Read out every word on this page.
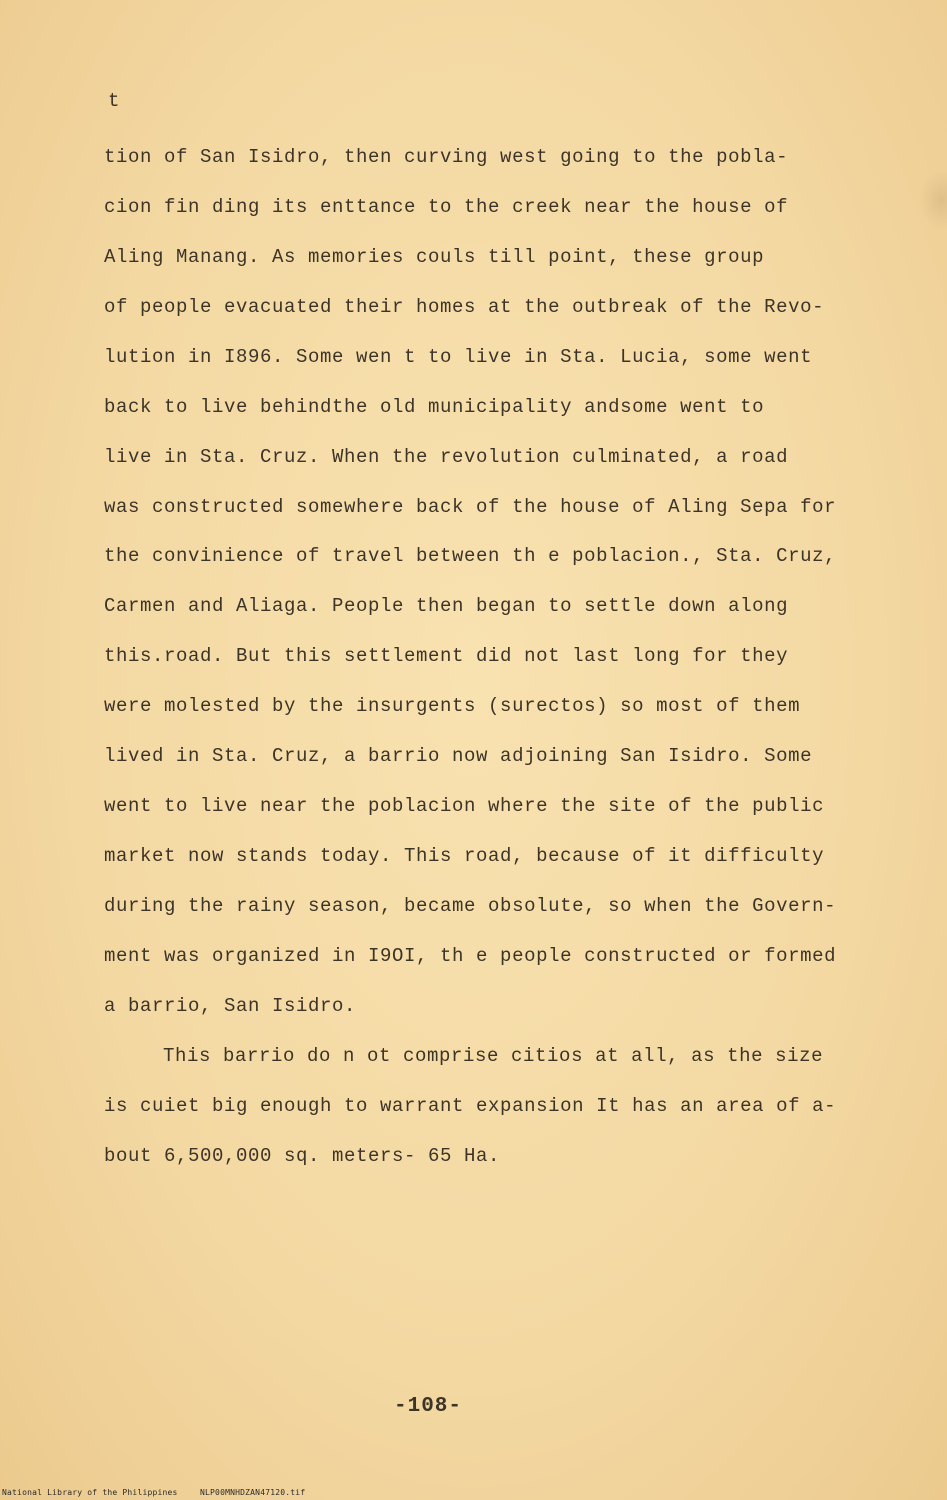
t
tion of San Isidro, then curving west going to the pobla-
cion fin ding its enttance to the creek near the house of
Aling Manang. As memories couls till point, these group
of people evacuated their homes at the outbreak of the Revo-
lution in I896. Some wen t to live in Sta. Lucia, some went
back to live behindthe old municipality andsome went to
live in Sta. Cruz. When the revolution culminated, a road
was constructed somewhere back of the house of Aling Sepa for
the convinience of travel between th e poblacion., Sta. Cruz,
Carmen and Aliaga. People then began to settle down along
this.road. But this settlement did not last long for they
were molested by the insurgents (surectos) so most of them
lived in Sta. Cruz, a barrio now adjoining San Isidro. Some
went to live near the poblacion where the site of the public
market now stands today. This road, because of it difficulty
during the rainy season, became obsolute, so when the Govern-
ment was organized in I9OI, th e people constructed or formed
a barrio, San Isidro.
This barrio do n ot comprise citios at all, as the size
is cuiet big enough to warrant expansion It has an area of a-
bout 6,500,000 sq. meters- 65 Ha.
-108-
National Library of the Philippines	NLP00MNHDZAN47120.tif
